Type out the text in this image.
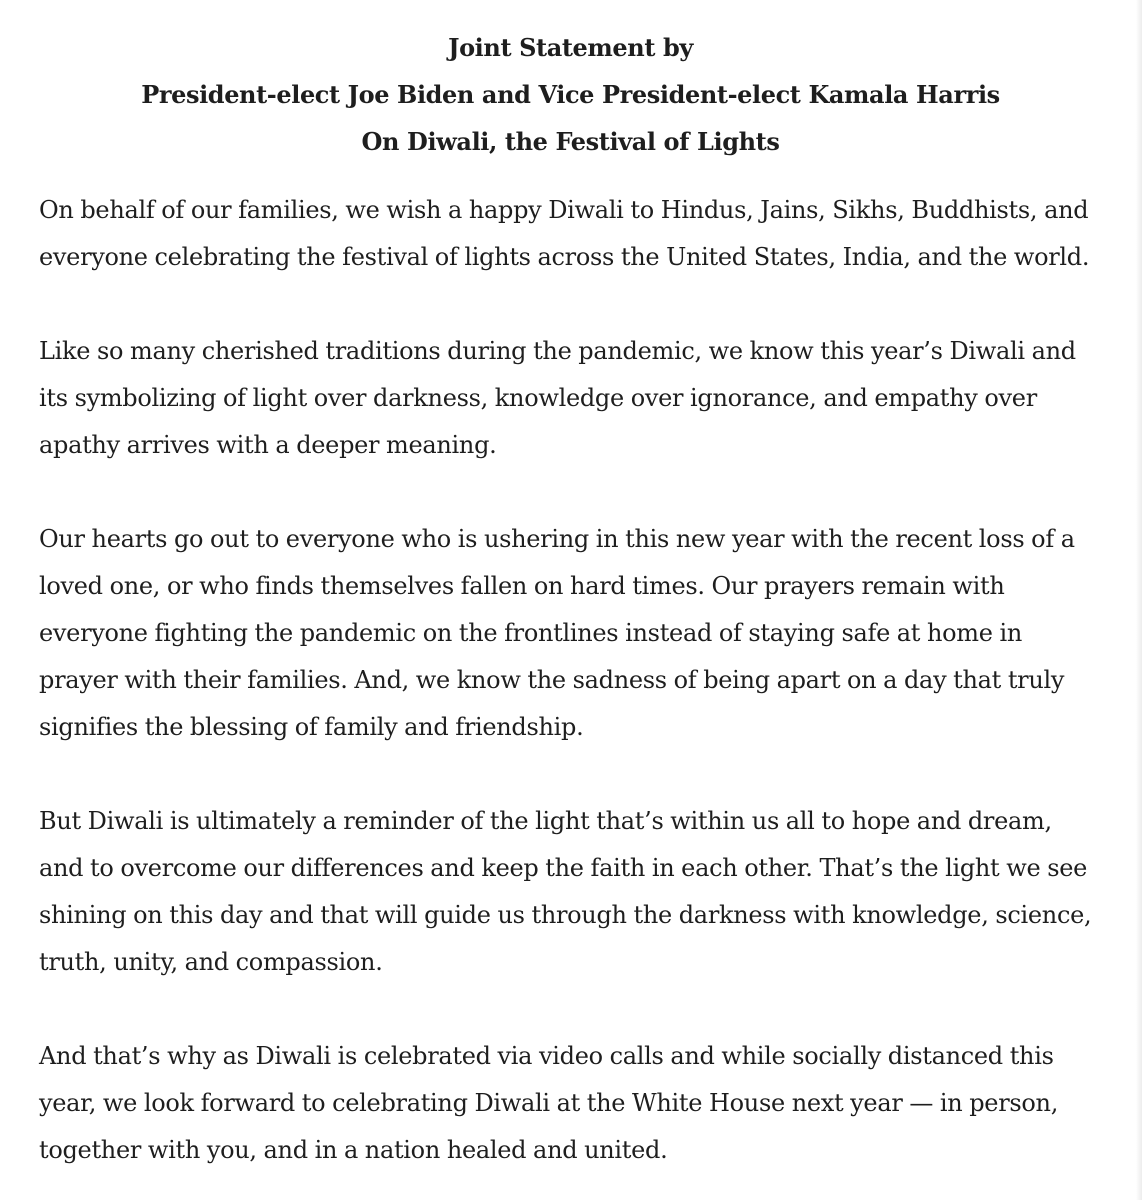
Joint Statement by
President-elect Joe Biden and Vice President-elect Kamala Harris
On Diwali, the Festival of Lights

On behalf of our families, we wish a happy Diwali to Hindus, Jains, Sikhs, Buddhists, and everyone celebrating the festival of lights across the United States, India, and the world.

Like so many cherished traditions during the pandemic, we know this year’s Diwali and its symbolizing of light over darkness, knowledge over ignorance, and empathy over apathy arrives with a deeper meaning.

Our hearts go out to everyone who is ushering in this new year with the recent loss of a loved one, or who finds themselves fallen on hard times. Our prayers remain with everyone fighting the pandemic on the frontlines instead of staying safe at home in prayer with their families. And, we know the sadness of being apart on a day that truly signifies the blessing of family and friendship.

But Diwali is ultimately a reminder of the light that’s within us all to hope and dream, and to overcome our differences and keep the faith in each other. That’s the light we see shining on this day and that will guide us through the darkness with knowledge, science, truth, unity, and compassion.

And that’s why as Diwali is celebrated via video calls and while socially distanced this year, we look forward to celebrating Diwali at the White House next year — in person, together with you, and in a nation healed and united.
